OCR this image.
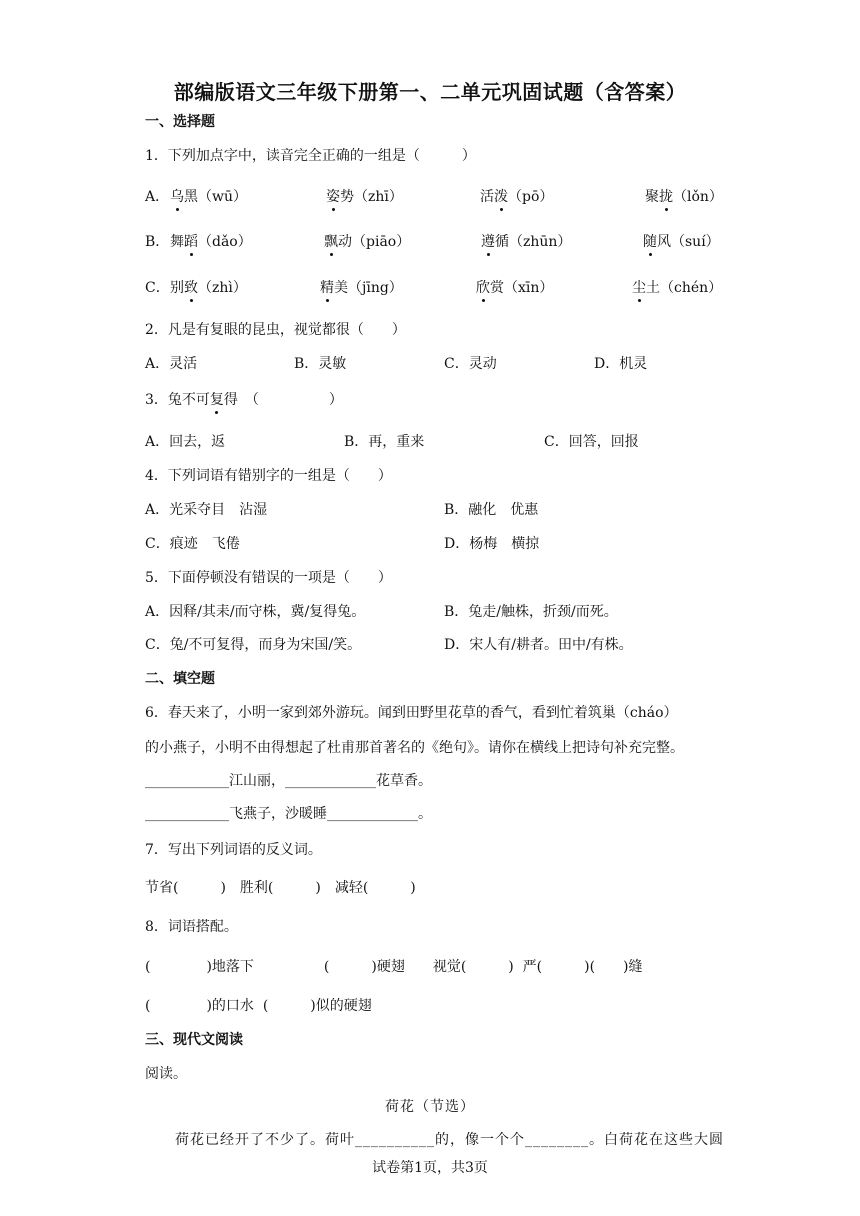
部编版语文三年级下册第一、二单元巩固试题（含答案）
一、选择题
1．下列加点字中，读音完全正确的一组是（　　　）
A． 乌黑（wū）	姿势（zhī）	活泼（pō）	聚拢（lǒn）
B． 舞蹈（dǎo）	飘动（piāo）	遵循（zhūn）	随风（suí）
C． 别致（zhì）	精美（jīng）	欣赏（xīn）	尘土（chén）
2．凡是有复眼的昆虫，视觉都很（　　）
A．灵活	B．灵敏	C．灵动	D．机灵
3．兔不可复得　（　　　　　）
A．回去，返	B．再，重来	C．回答，回报
4．下列词语有错别字的一组是（　　）
A．光采夺目　沾湿	B．融化　优惠
C．痕迹　飞倦	D．杨梅　横掠
5．下面停顿没有错误的一项是（　　）
A．因释/其耒/而守株，冀/复得兔。	B．兔走/触株，折颈/而死。
C．兔/不可复得，而身为宋国/笑。	D．宋人有/耕者。田中/有株。
二、填空题
6．春天来了，小明一家到郊外游玩。闻到田野里花草的香气，看到忙着筑巢（cháo）
的小燕子，小明不由得想起了杜甫那首著名的《绝句》。请你在横线上把诗句补充完整。
____________江山丽，_____________花草香。
____________飞燕子，沙暖睡_____________。
7．写出下列词语的反义词。
节省(　　　)　胜利(　　　)　减轻(　　　)
8．词语搭配。
(　　　　)地落下　　　　　(　　　)硬翅　　视觉(　　　)  严(　　　)(　　)缝
(　　　　)的口水  (　　　)似的硬翅
三、现代文阅读
阅读。
荷花（节选）
荷花已经开了不少了。荷叶__________的，像一个个________。白荷花在这些大圆
试卷第1页，共3页
